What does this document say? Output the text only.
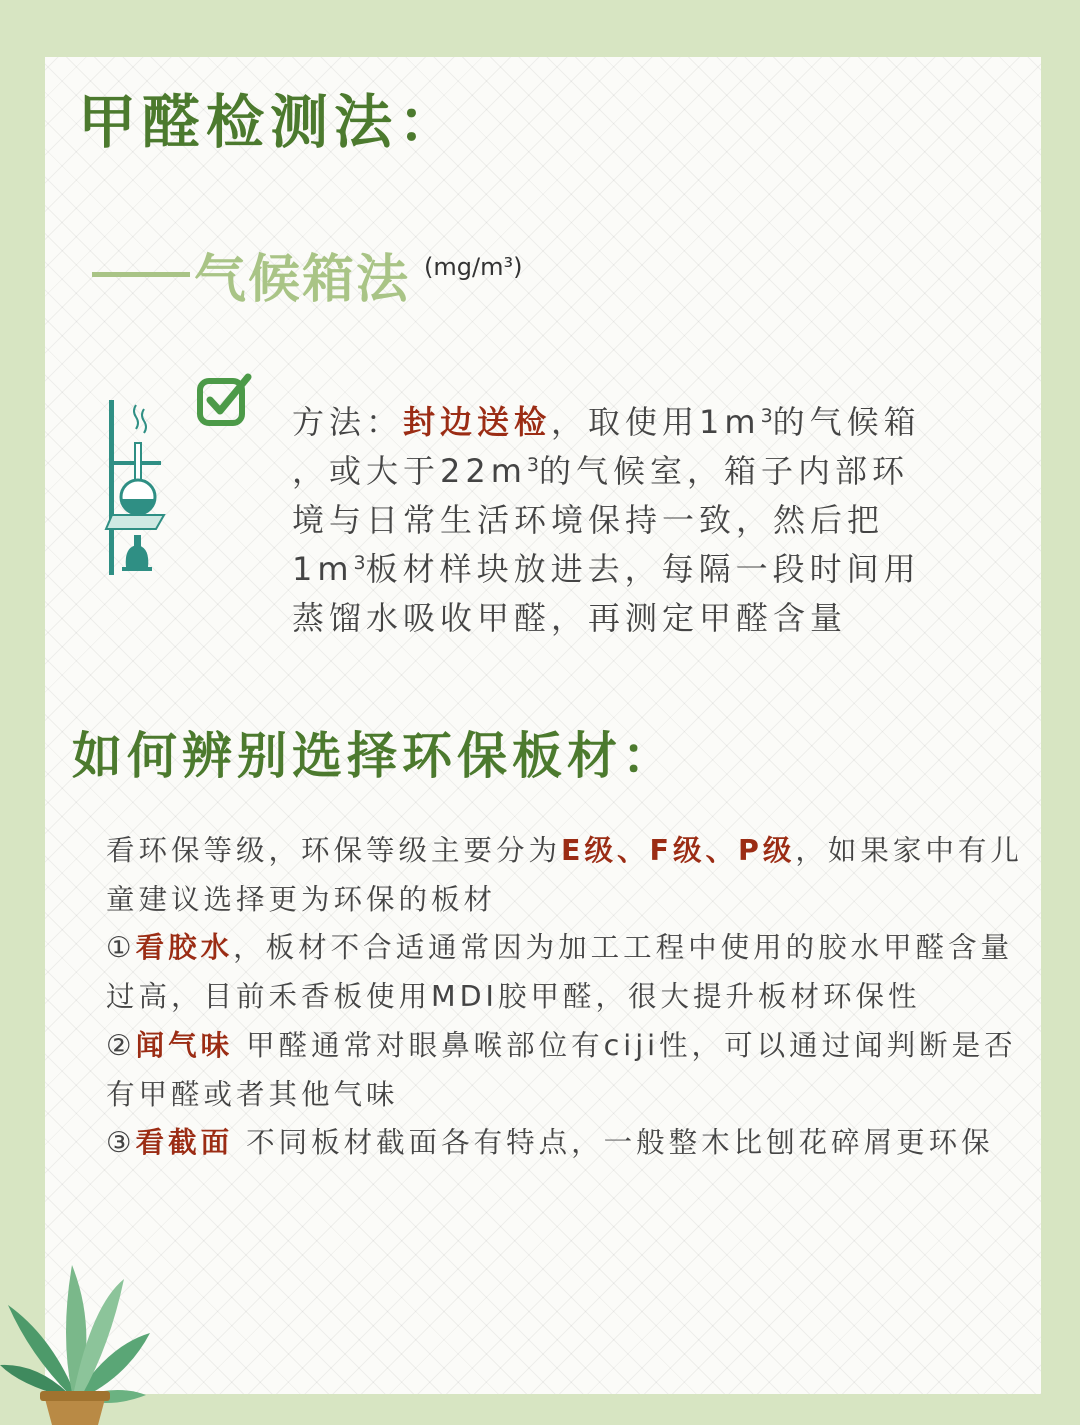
甲醛检测法：
气候箱法 (mg/m³)

方法：封边送检，取使用$1m^3$的气候箱
，或大于$22m^3$的气候室，箱子内部环
境与日常生活环境保持一致，然后把
$1m^3$板材样块放进去，每隔一段时间用
蒸馏水吸收甲醛，再测定甲醛含量

如何辨别选择环保板材：

看环保等级，环保等级主要分为E级、F级、P级，如果家中有儿童建议选择更为环保的板材

①看胶水，板材不合适通常因为加工工程中使用的胶水甲醛含量过高，目前禾香板使用MDI胶甲醛，很大提升板材环保性

②闻气味 甲醛通常对眼鼻喉部位有ciji性，可以通过闻判断是否有甲醛或者其他气味

③看截面 不同板材截面各有特点，一般整木比刨花碎屑更环保
